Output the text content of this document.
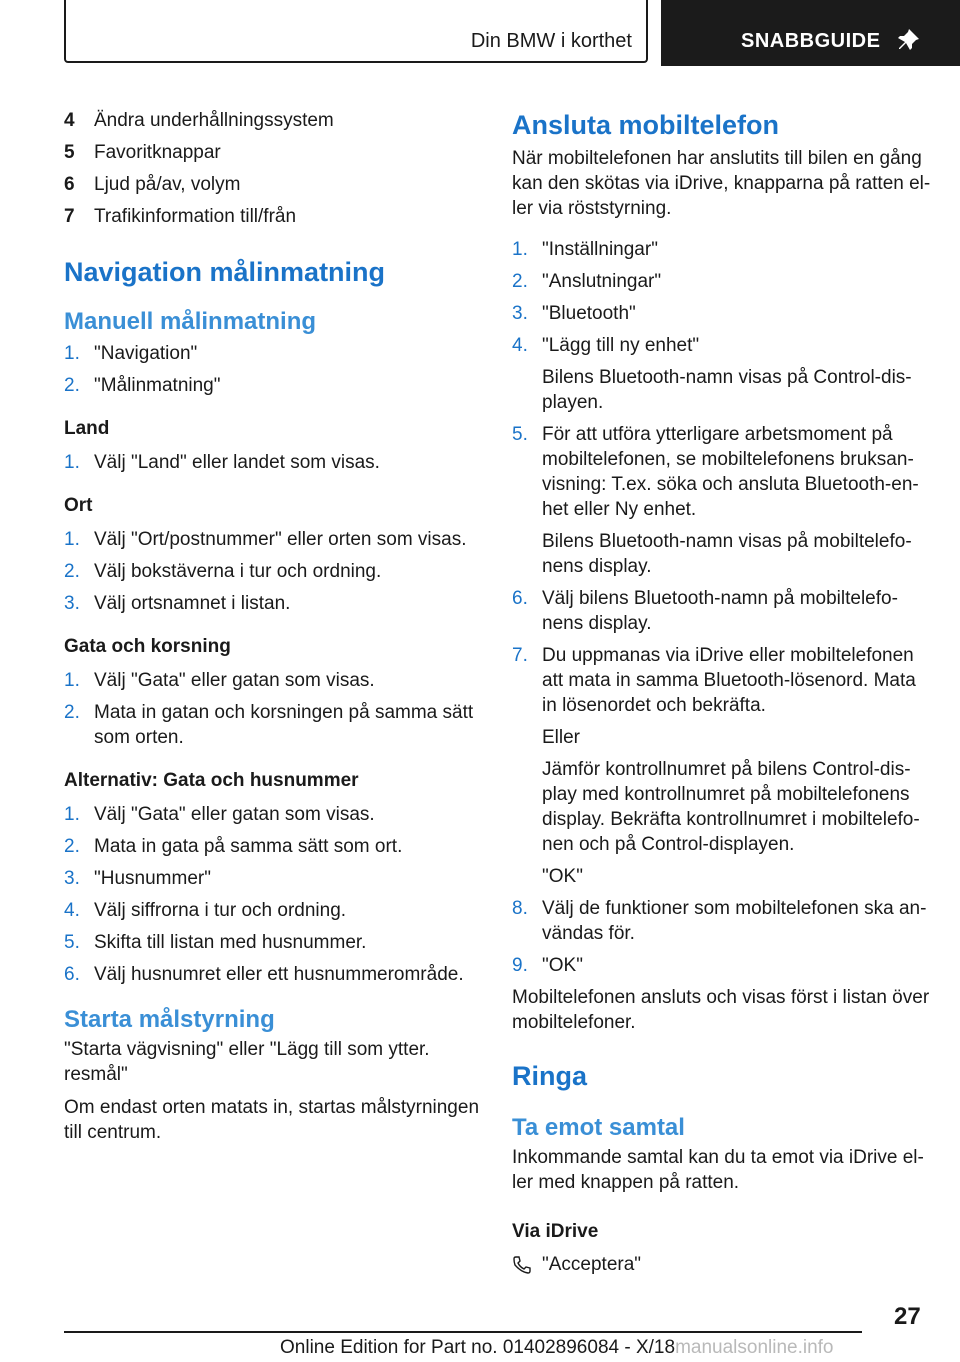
Din BMW i korthet	SNABBGUIDE
4	Ändra underhållningssystem
5	Favoritknappar
6	Ljud på/av, volym
7	Trafikinformation till/från
Navigation målinmatning
Manuell målinmatning
1. "Navigation"
2. "Målinmatning"
Land
1. Välj "Land" eller landet som visas.
Ort
1. Välj "Ort/postnummer" eller orten som visas.
2. Välj bokstäverna i tur och ordning.
3. Välj ortsnamnet i listan.
Gata och korsning
1. Välj "Gata" eller gatan som visas.
2. Mata in gatan och korsningen på samma sätt som orten.
Alternativ: Gata och husnummer
1. Välj "Gata" eller gatan som visas.
2. Mata in gata på samma sätt som ort.
3. "Husnummer"
4. Välj siffrorna i tur och ordning.
5. Skifta till listan med husnummer.
6. Välj husnumret eller ett husnummerområde.
Starta målstyrning
"Starta vägvisning" eller "Lägg till som ytter. resmål"
Om endast orten matats in, startas målstyrningen till centrum.
Ansluta mobiltelefon
När mobiltelefonen har anslutits till bilen en gång kan den skötas via iDrive, knapparna på ratten eller via röststyrning.
1. "Inställningar"
2. "Anslutningar"
3. "Bluetooth"
4. "Lägg till ny enhet"
Bilens Bluetooth-namn visas på Control-displayen.
5. För att utföra ytterligare arbetsmoment på mobiltelefonen, se mobiltelefonens bruksanvisning: T.ex. söka och ansluta Bluetooth-enhet eller Ny enhet.
Bilens Bluetooth-namn visas på mobiltelefonens display.
6. Välj bilens Bluetooth-namn på mobiltelefonens display.
7. Du uppmanas via iDrive eller mobiltelefonen att mata in samma Bluetooth-lösenord. Mata in lösenordet och bekräfta.
Eller
Jämför kontrollnumret på bilens Control-display med kontrollnumret på mobiltelefonens display. Bekräfta kontrollnumret i mobiltelefonen och på Control-displayen.
"OK"
8. Välj de funktioner som mobiltelefonen ska användas för.
9. "OK"
Mobiltelefonen ansluts och visas först i listan över mobiltelefoner.
Ringa
Ta emot samtal
Inkommande samtal kan du ta emot via iDrive eller med knappen på ratten.
Via iDrive
"Acceptera"
27
Online Edition for Part no. 01402896084 - X/18manualsonline.info
